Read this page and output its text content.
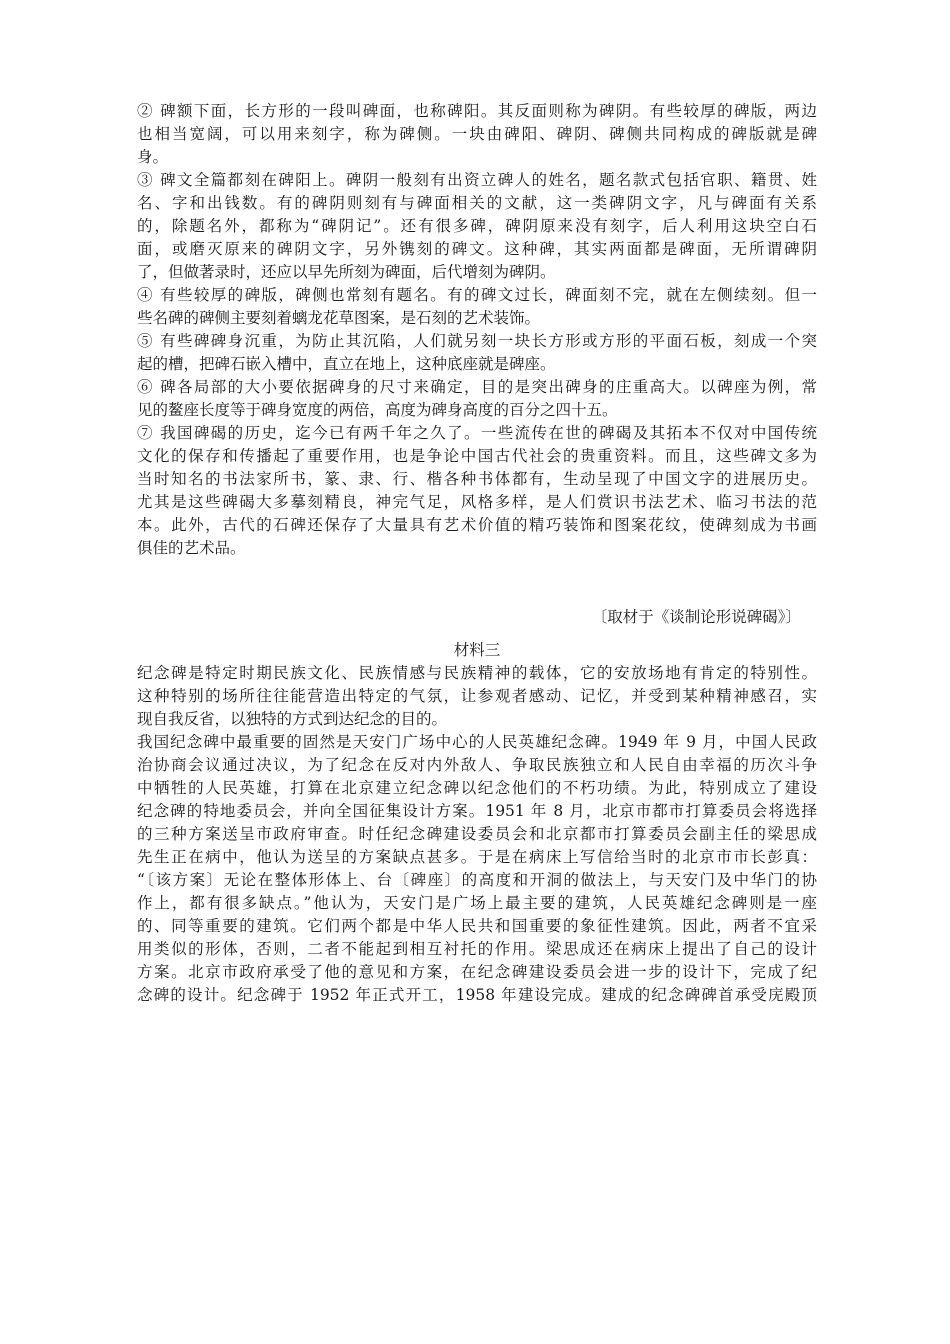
② 碑额下面，长方形的一段叫碑面，也称碑阳。其反面则称为碑阴。有些较厚的碑版，两边
也相当宽阔，可以用来刻字，称为碑侧。一块由碑阳、碑阴、碑侧共同构成的碑版就是碑
身。
③ 碑文全篇都刻在碑阳上。碑阴一般刻有出资立碑人的姓名，题名款式包括官职、籍贯、姓
名、字和出钱数。有的碑阴则刻有与碑面相关的文献，这一类碑阴文字，凡与碑面有关系
的，除题名外，都称为“碑阴记”。还有很多碑，碑阴原来没有刻字，后人利用这块空白石
面，或磨灭原来的碑阴文字，另外镌刻的碑文。这种碑，其实两面都是碑面，无所谓碑阴
了，但做著录时，还应以早先所刻为碑面，后代增刻为碑阴。
④ 有些较厚的碑版，碑侧也常刻有题名。有的碑文过长，碑面刻不完，就在左侧续刻。但一
些名碑的碑侧主要刻着螭龙花草图案，是石刻的艺术装饰。
⑤ 有些碑碑身沉重，为防止其沉陷，人们就另刻一块长方形或方形的平面石板，刻成一个突
起的槽，把碑石嵌入槽中，直立在地上，这种底座就是碑座。
⑥ 碑各局部的大小要依据碑身的尺寸来确定，目的是突出碑身的庄重高大。以碑座为例，常
见的鳌座长度等于碑身宽度的两倍，高度为碑身高度的百分之四十五。
⑦ 我国碑碣的历史，迄今已有两千年之久了。一些流传在世的碑碣及其拓本不仅对中国传统
文化的保存和传播起了重要作用，也是争论中国古代社会的贵重资料。而且，这些碑文多为
当时知名的书法家所书，篆、隶、行、楷各种书体都有，生动呈现了中国文字的进展历史。
尤其是这些碑碣大多摹刻精良，神完气足，风格多样，是人们赏识书法艺术、临习书法的范
本。此外，古代的石碑还保存了大量具有艺术价值的精巧装饰和图案花纹，使碑刻成为书画
俱佳的艺术品。
〔取材于《谈制论形说碑碣》〕
材料三
纪念碑是特定时期民族文化、民族情感与民族精神的载体，它的安放场地有肯定的特别性。
这种特别的场所往往能营造出特定的气氛，让参观者感动、记忆，并受到某种精神感召，实
现自我反省，以独特的方式到达纪念的目的。
我国纪念碑中最重要的固然是天安门广场中心的人民英雄纪念碑。1949 年 9 月，中国人民政
治协商会议通过决议，为了纪念在反对内外敌人、争取民族独立和人民自由幸福的历次斗争
中牺牲的人民英雄，打算在北京建立纪念碑以纪念他们的不朽功绩。为此，特别成立了建设
纪念碑的特地委员会，并向全国征集设计方案。1951 年 8 月，北京市都市打算委员会将选择
的三种方案送呈市政府审查。时任纪念碑建设委员会和北京都市打算委员会副主任的梁思成
先生正在病中，他认为送呈的方案缺点甚多。于是在病床上写信给当时的北京市市长彭真：
“〔该方案〕无论在整体形体上、台〔碑座〕的高度和开洞的做法上，与天安门及中华门的协
作上，都有很多缺点。”他认为，天安门是广场上最主要的建筑，人民英雄纪念碑则是一座
的、同等重要的建筑。它们两个都是中华人民共和国重要的象征性建筑。因此，两者不宜采
用类似的形体，否则，二者不能起到相互衬托的作用。梁思成还在病床上提出了自己的设计
方案。北京市政府承受了他的意见和方案，在纪念碑建设委员会进一步的设计下，完成了纪
念碑的设计。纪念碑于 1952 年正式开工，1958 年建设完成。建成的纪念碑碑首承受庑殿顶
